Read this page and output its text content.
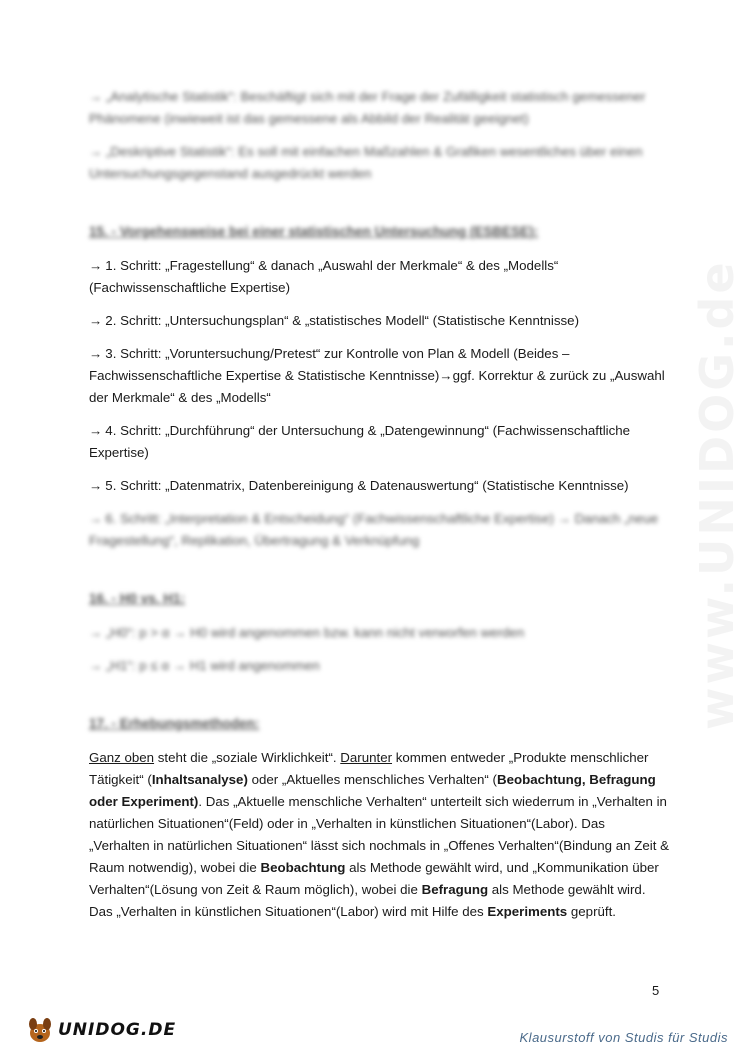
www.UNIDOG.de

→ „Analytische Statistik“: Beschäftigt sich mit der Frage der Zufälligkeit statistisch gemessener Phänomene (inwieweit ist das gemessene als Abbild der Realität geeignet)

→ „Deskriptive Statistik“: Es soll mit einfachen Maßzahlen & Grafiken wesentliches über einen Untersuchungsgegenstand ausgedrückt werden

15. - Vorgehensweise bei einer statistischen Untersuchung (ESBESE):

→ 1. Schritt: „Fragestellung“ & danach „Auswahl der Merkmale“ & des „Modells“ (Fachwissenschaftliche Expertise)

→ 2. Schritt: „Untersuchungsplan“ & „statistisches Modell“ (Statistische Kenntnisse)

→ 3. Schritt: „Voruntersuchung/Pretest“ zur Kontrolle von Plan & Modell (Beides – Fachwissenschaftliche Expertise & Statistische Kenntnisse)→ggf. Korrektur & zurück zu „Auswahl der Merkmale“ & des „Modells“

→ 4. Schritt: „Durchführung“ der Untersuchung & „Datengewinnung“ (Fachwissenschaftliche Expertise)

→ 5. Schritt: „Datenmatrix, Datenbereinigung & Datenauswertung“ (Statistische Kenntnisse)

→ 6. Schritt: „Interpretation & Entscheidung“ (Fachwissenschaftliche Expertise) → Danach „neue Fragestellung“, Replikation, Übertragung & Verknüpfung

16. - H0 vs. H1:

→ „H0“: p > α → H0 wird angenommen bzw. kann nicht verworfen werden

→ „H1“: p ≤ α → H1 wird angenommen

17. - Erhebungsmethoden:

Ganz oben steht die „soziale Wirklichkeit“. Darunter kommen entweder „Produkte menschlicher Tätigkeit“ (Inhaltsanalyse) oder „Aktuelles menschliches Verhalten“ (Beobachtung, Befragung oder Experiment). Das „Aktuelle menschliche Verhalten“ unterteilt sich wiederrum in „Verhalten in natürlichen Situationen“(Feld) oder in „Verhalten in künstlichen Situationen“(Labor). Das „Verhalten in natürlichen Situationen“ lässt sich nochmals in „Offenes Verhalten“(Bindung an Zeit & Raum notwendig), wobei die Beobachtung als Methode gewählt wird, und „Kommunikation über Verhalten“(Lösung von Zeit & Raum möglich), wobei die Befragung als Methode gewählt wird. Das „Verhalten in künstlichen Situationen“(Labor) wird mit Hilfe des Experiments geprüft.

5
UNIDOG.DE	Klausurstoff von Studis für Studis
